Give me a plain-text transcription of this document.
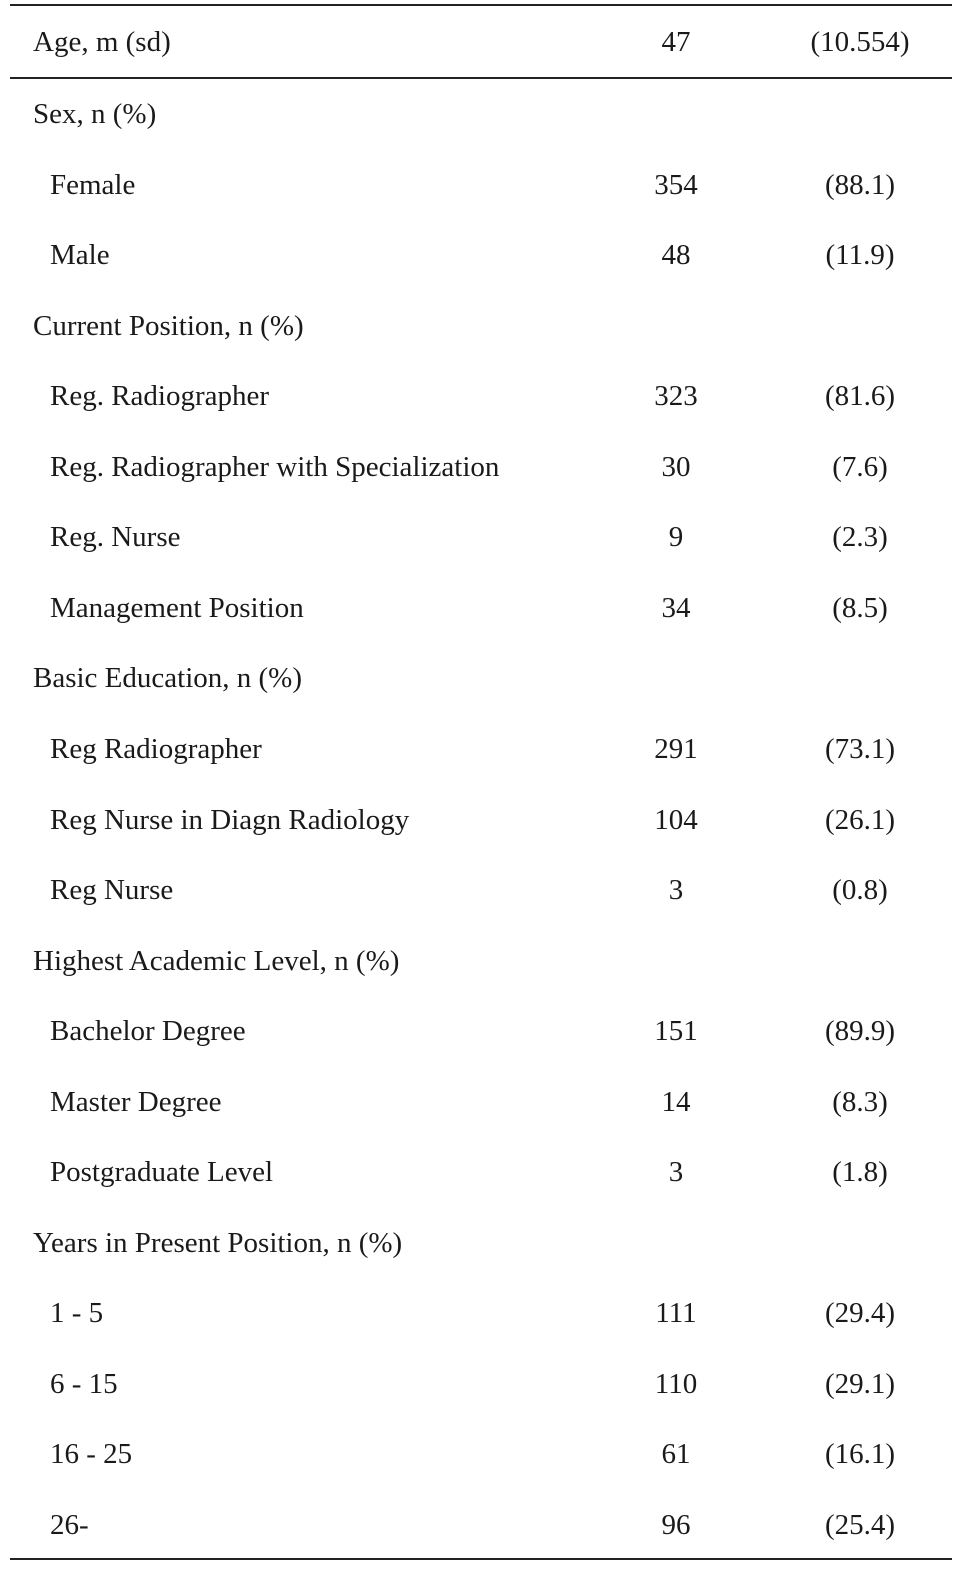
Age, m (sd)	47	(10.554)
Sex, n (%)
Female	354	(88.1)
Male	48	(11.9)
Current Position, n (%)
Reg. Radiographer	323	(81.6)
Reg. Radiographer with Specialization	30	(7.6)
Reg. Nurse	9	(2.3)
Management Position	34	(8.5)
Basic Education, n (%)
Reg Radiographer	291	(73.1)
Reg Nurse in Diagn Radiology	104	(26.1)
Reg Nurse	3	(0.8)
Highest Academic Level, n (%)
Bachelor Degree	151	(89.9)
Master Degree	14	(8.3)
Postgraduate Level	3	(1.8)
Years in Present Position, n (%)
1 - 5	111	(29.4)
6 - 15	110	(29.1)
16 - 25	61	(16.1)
26-	96	(25.4)
